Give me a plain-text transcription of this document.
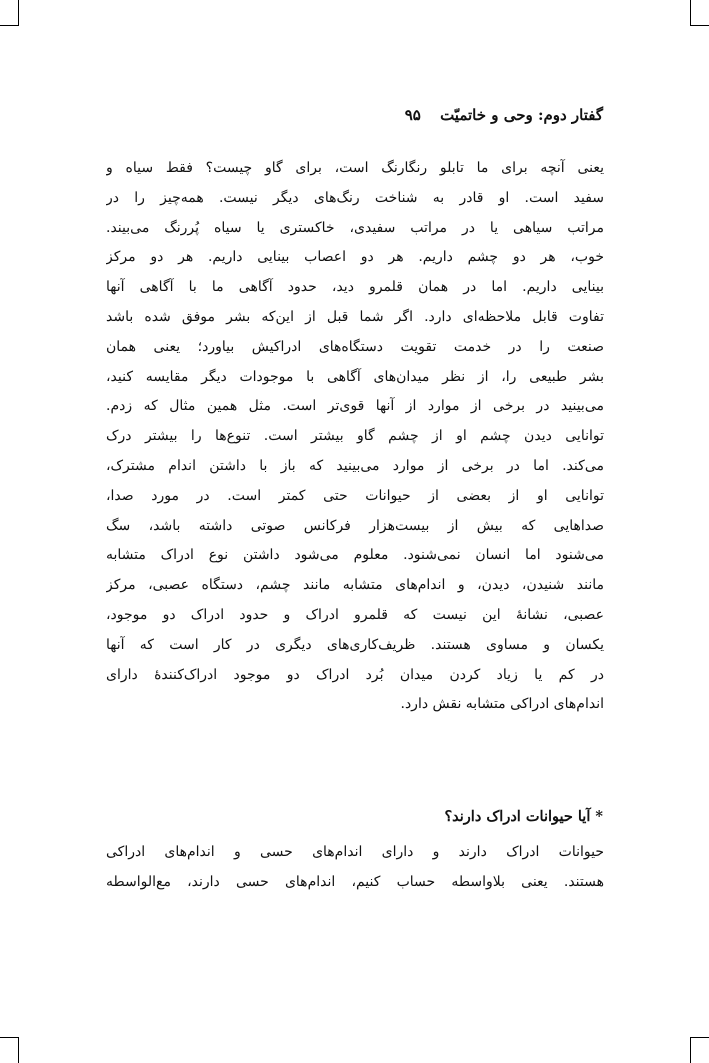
گفتار دوم: وحی و خاتمیّت ۹۵
یعنی آنچه برای ما تابلو رنگارنگ است، برای گاو چیست؟ فقط سیاه و
سفید است. او قادر به شناخت رنگ‌های دیگر نیست. همه‌چیز را در
مراتب سیاهی یا در مراتب سفیدی، خاکستری یا سیاه پُررنگ می‌بیند.
خوب، هر دو چشم داریم. هر دو اعصاب بینایی داریم. هر دو مرکز
بینایی داریم. اما در همان قلمرو دید، حدود آگاهی ما با آگاهی آنها
تفاوت قابل ملاحظه‌ای دارد. اگر شما قبل از این‌که بشر موفق شده باشد
صنعت را در خدمت تقویت دستگاه‌های ادراکیش بیاورد؛ یعنی همان
بشر طبیعی را، از نظر میدان‌های آگاهی با موجودات دیگر مقایسه کنید،
می‌بینید در برخی از موارد از آنها قوی‌تر است. مثل همین مثال که زدم.
توانایی دیدن چشم او از چشم گاو بیشتر است. تنوع‌ها را بیشتر درک
می‌کند. اما در برخی از موارد می‌بینید که باز با داشتن اندام مشترک،
توانایی او از بعضی از حیوانات حتی کمتر است. در مورد صدا،
صداهایی که بیش از بیست‌هزار فرکانس صوتی داشته باشد، سگ
می‌شنود اما انسان نمی‌شنود. معلوم می‌شود داشتن نوع ادراک متشابه
مانند شنیدن، دیدن، و اندام‌های متشابه مانند چشم، دستگاه عصبی، مرکز
عصبی، نشانهٔ این نیست که قلمرو ادراک و حدود ادراک دو موجود،
یکسان و مساوی هستند. ظریف‌کاری‌های دیگری در کار است که آنها
در کم یا زیاد کردن میدان بُرد ادراک دو موجود ادراک‌کنندهٔ دارای
اندام‌های ادراکی متشابه نقش دارد.
* آیا حیوانات ادراک دارند؟
حیوانات ادراک دارند و دارای اندام‌های حسی و اندام‌های ادراکی
هستند. یعنی بلاواسطه حساب کنیم، اندام‌های حسی دارند، مع‌الواسطه
